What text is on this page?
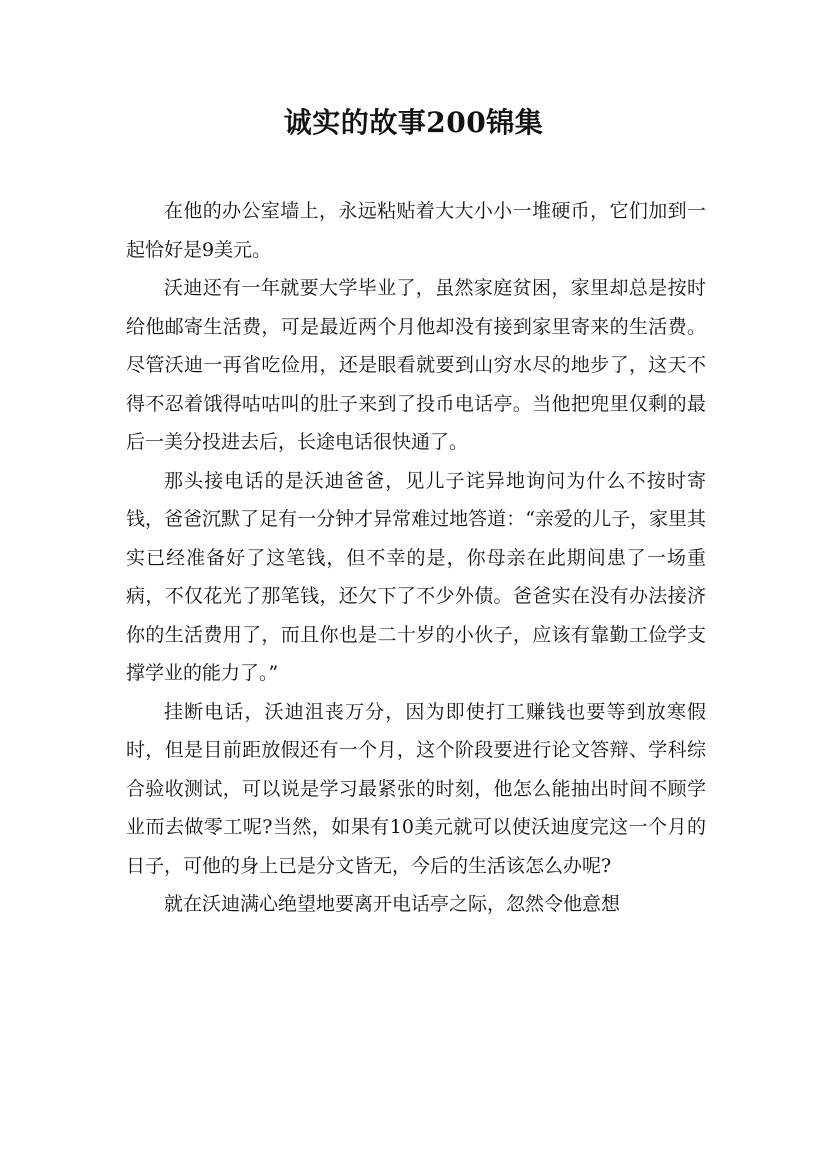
诚实的故事200锦集

在他的办公室墙上，永远粘贴着大大小小一堆硬币，它们加到一起恰好是9美元。

沃迪还有一年就要大学毕业了，虽然家庭贫困，家里却总是按时给他邮寄生活费，可是最近两个月他却没有接到家里寄来的生活费。尽管沃迪一再省吃俭用，还是眼看就要到山穷水尽的地步了，这天不得不忍着饿得咕咕叫的肚子来到了投币电话亭。当他把兜里仅剩的最后一美分投进去后，长途电话很快通了。

那头接电话的是沃迪爸爸，见儿子诧异地询问为什么不按时寄钱，爸爸沉默了足有一分钟才异常难过地答道：“亲爱的儿子，家里其实已经准备好了这笔钱，但不幸的是，你母亲在此期间患了一场重病，不仅花光了那笔钱，还欠下了不少外债。爸爸实在没有办法接济你的生活费用了，而且你也是二十岁的小伙子，应该有靠勤工俭学支撑学业的能力了。”

挂断电话，沃迪沮丧万分，因为即使打工赚钱也要等到放寒假时，但是目前距放假还有一个月，这个阶段要进行论文答辩、学科综合验收测试，可以说是学习最紧张的时刻，他怎么能抽出时间不顾学业而去做零工呢?当然，如果有10美元就可以使沃迪度完这一个月的日子，可他的身上已是分文皆无，今后的生活该怎么办呢?

就在沃迪满心绝望地要离开电话亭之际，忽然令他意想
